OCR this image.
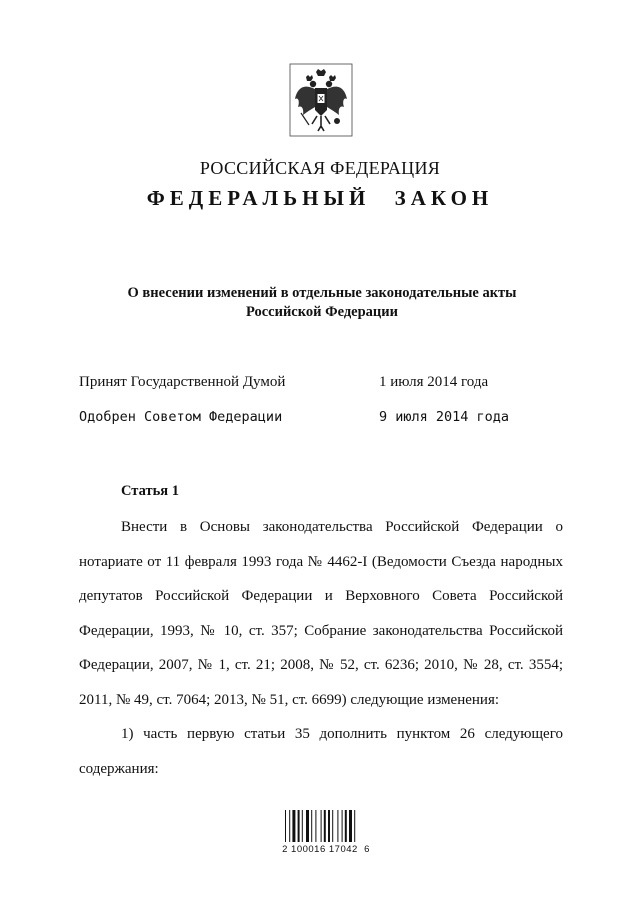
РОССИЙСКАЯ ФЕДЕРАЦИЯ
ФЕДЕРАЛЬНЫЙ ЗАКОН
О внесении изменений в отдельные законодательные акты
Российской Федерации
Принят Государственной Думой	1 июля 2014 года
Одобрен Советом Федерации	9 июля 2014 года
Статья 1
Внести в Основы законодательства Российской Федерации о
нотариате от 11 февраля 1993 года № 4462-I (Ведомости Съезда народных
депутатов Российской Федерации и Верховного Совета Российской
Федерации, 1993, № 10, ст. 357; Собрание законодательства Российской
Федерации, 2007, № 1, ст. 21; 2008, № 52, ст. 6236; 2010, № 28, ст. 3554;
2011, № 49, ст. 7064; 2013, № 51, ст. 6699) следующие изменения:
1) часть первую статьи 35 дополнить пунктом 26 следующего
содержания:
2 100016 17042  6
